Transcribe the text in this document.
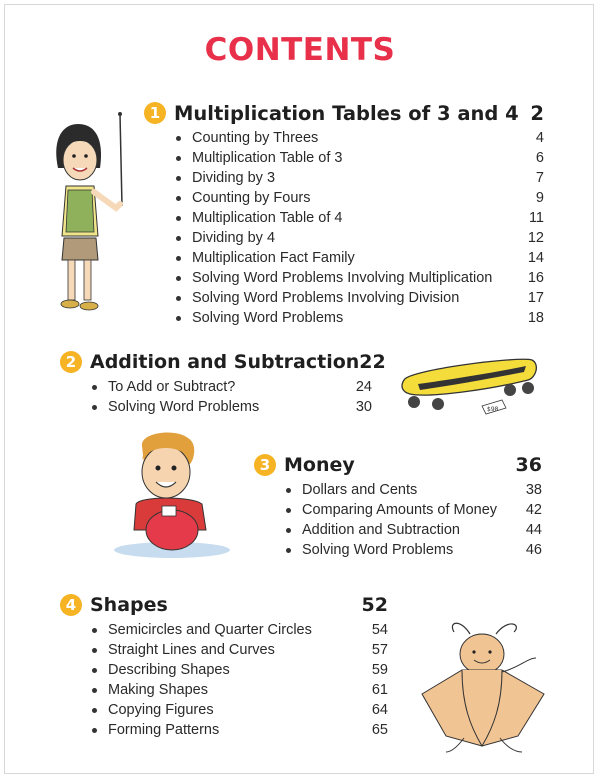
CONTENTS
1 Multiplication Tables of 3 and 4 2
Counting by Threes	4
Multiplication Table of 3	6
Dividing by 3	7
Counting by Fours	9
Multiplication Table of 4	11
Dividing by 4	12
Multiplication Fact Family	14
Solving Word Problems Involving Multiplication	16
Solving Word Problems Involving Division	17
Solving Word Problems	18
2 Addition and Subtraction 22
To Add or Subtract?	24
Solving Word Problems	30
3 Money	36
Dollars and Cents	38
Comparing Amounts of Money	42
Addition and Subtraction	44
Solving Word Problems	46
4 Shapes	52
Semicircles and Quarter Circles	54
Straight Lines and Curves	57
Describing Shapes	59
Making Shapes	61
Copying Figures	64
Forming Patterns	65
$98
